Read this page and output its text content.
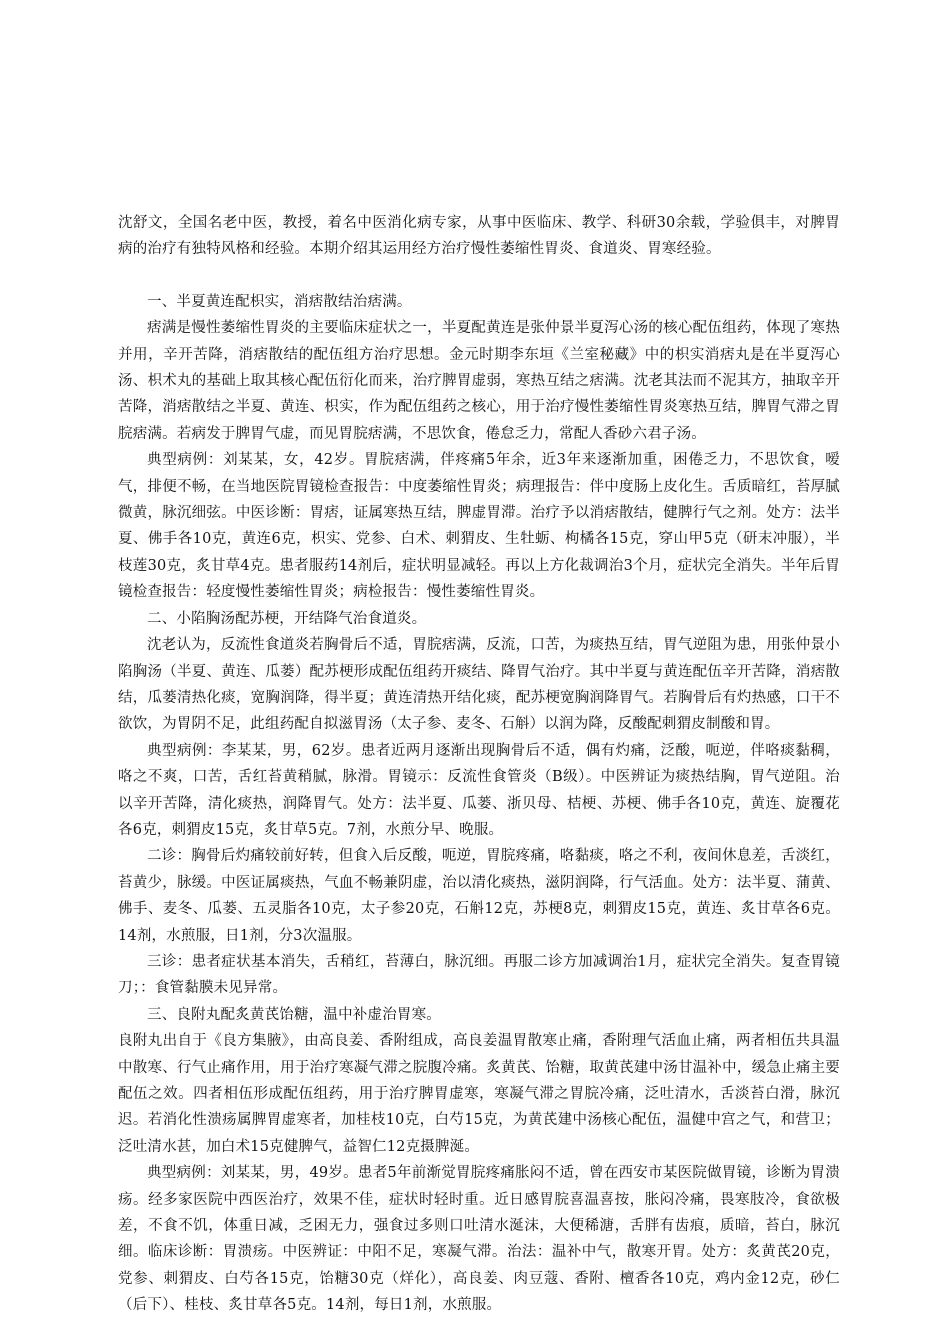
沈舒文，全国名老中医，教授，着名中医消化病专家，从事中医临床、教学、科研30余载，学验俱丰，对脾胃病的治疗有独特风格和经验。本期介绍其运用经方治疗慢性萎缩性胃炎、食道炎、胃寒经验。

一、半夏黄连配枳实，消痞散结治痞满。

痞满是慢性萎缩性胃炎的主要临床症状之一，半夏配黄连是张仲景半夏泻心汤的核心配伍组药，体现了寒热并用，辛开苦降，消痞散结的配伍组方治疗思想。金元时期李东垣《兰室秘藏》中的枳实消痞丸是在半夏泻心汤、枳术丸的基础上取其核心配伍衍化而来，治疗脾胃虚弱，寒热互结之痞满。沈老其法而不泥其方，抽取辛开苦降，消痞散结之半夏、黄连、枳实，作为配伍组药之核心，用于治疗慢性萎缩性胃炎寒热互结，脾胃气滞之胃脘痞满。若病发于脾胃气虚，而见胃脘痞满，不思饮食，倦怠乏力，常配人香砂六君子汤。

典型病例：刘某某，女，42岁。胃脘痞满，伴疼痛5年余，近3年来逐渐加重，困倦乏力，不思饮食，嗳气，排便不畅，在当地医院胃镜检查报告：中度萎缩性胃炎；病理报告：伴中度肠上皮化生。舌质暗红，苔厚腻微黄，脉沉细弦。中医诊断：胃痞，证属寒热互结，脾虚胃滞。治疗予以消痞散结，健脾行气之剂。处方：法半夏、佛手各10克，黄连6克，枳实、党参、白术、刺猬皮、生牡蛎、枸橘各15克，穿山甲5克（研末冲服），半枝莲30克，炙甘草4克。患者服药14剂后，症状明显减轻。再以上方化裁调治3个月，症状完全消失。半年后胃镜检查报告：轻度慢性萎缩性胃炎；病检报告：慢性萎缩性胃炎。

二、小陷胸汤配苏梗，开结降气治食道炎。

沈老认为，反流性食道炎若胸骨后不适，胃脘痞满，反流，口苦，为痰热互结，胃气逆阻为患，用张仲景小陷胸汤（半夏、黄连、瓜蒌）配苏梗形成配伍组药开痰结、降胃气治疗。其中半夏与黄连配伍辛开苦降，消痞散结，瓜蒌清热化痰，宽胸润降，得半夏；黄连清热开结化痰，配苏梗宽胸润降胃气。若胸骨后有灼热感，口干不欲饮，为胃阴不足，此组药配自拟滋胃汤（太子参、麦冬、石斛）以润为降，反酸配刺猬皮制酸和胃。

典型病例：李某某，男，62岁。患者近两月逐渐出现胸骨后不适，偶有灼痛，泛酸，呃逆，伴咯痰黏稠，咯之不爽，口苦，舌红苔黄稍腻，脉滑。胃镜示：反流性食管炎（B级）。中医辨证为痰热结胸，胃气逆阻。治以辛开苦降，清化痰热，润降胃气。处方：法半夏、瓜蒌、浙贝母、桔梗、苏梗、佛手各10克，黄连、旋覆花各6克，刺猬皮15克，炙甘草5克。7剂，水煎分早、晚服。

二诊：胸骨后灼痛较前好转，但食入后反酸，呃逆，胃脘疼痛，咯黏痰，咯之不利，夜间休息差，舌淡红，苔黄少，脉缓。中医证属痰热，气血不畅兼阴虚，治以清化痰热，滋阴润降，行气活血。处方：法半夏、蒲黄、佛手、麦冬、瓜蒌、五灵脂各10克，太子参20克，石斛12克，苏梗8克，刺猬皮15克，黄连、炙甘草各6克。14剂，水煎服，日1剂，分3次温服。

三诊：患者症状基本消失，舌稍红，苔薄白，脉沉细。再服二诊方加减调治1月，症状完全消失。复查胃镜刀；：食管黏膜未见异常。

三、良附丸配炙黄芪饴糖，温中补虚治胃寒。

良附丸出自于《良方集腋》，由高良姜、香附组成，高良姜温胃散寒止痛，香附理气活血止痛，两者相伍共具温中散寒、行气止痛作用，用于治疗寒凝气滞之脘腹冷痛。炙黄芪、饴糖，取黄芪建中汤甘温补中，缓急止痛主要配伍之效。四者相伍形成配伍组药，用于治疗脾胃虚寒，寒凝气滞之胃脘冷痛，泛吐清水，舌淡苔白滑，脉沉迟。若消化性溃疡属脾胃虚寒者，加桂枝10克，白芍15克，为黄芪建中汤核心配伍，温健中宫之气，和营卫；泛吐清水甚，加白术15克健脾气，益智仁12克摄脾涎。

典型病例：刘某某，男，49岁。患者5年前渐觉胃脘疼痛胀闷不适，曾在西安市某医院做胃镜，诊断为胃溃疡。经多家医院中西医治疗，效果不佳，症状时轻时重。近日感胃脘喜温喜按，胀闷冷痛，畏寒肢冷，食欲极差，不食不饥，体重日减，乏困无力，强食过多则口吐清水涎沫，大便稀溏，舌胖有齿痕，质暗，苔白，脉沉细。临床诊断：胃溃疡。中医辨证：中阳不足，寒凝气滞。治法：温补中气，散寒开胃。处方：炙黄芪20克，党参、刺猬皮、白芍各15克，饴糖30克（烊化），高良姜、肉豆蔻、香附、檀香各10克，鸡内金12克，砂仁（后下）、桂枝、炙甘草各5克。14剂，每日1剂，水煎服。
